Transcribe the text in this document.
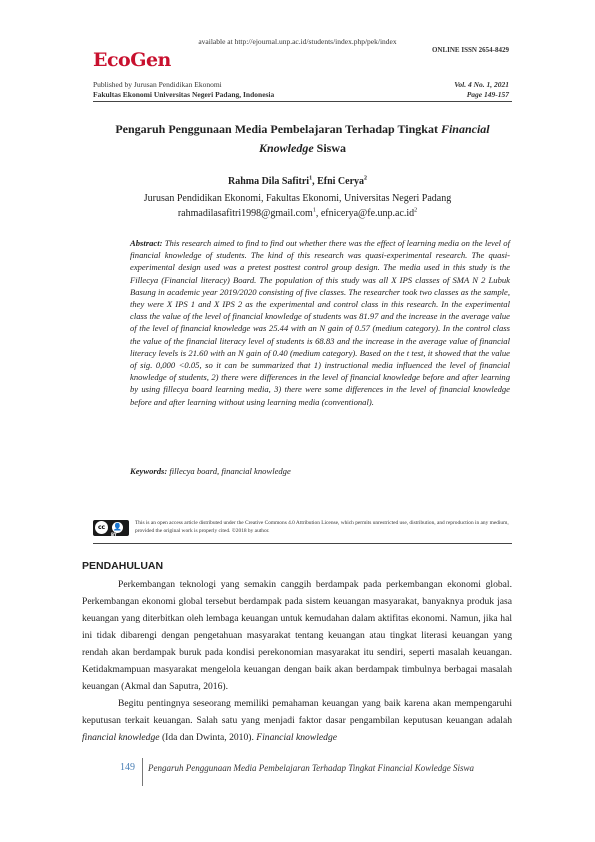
available at http://ejournal.unp.ac.id/students/index.php/pek/index
EcoGen	ONLINE ISSN 2654-8429
Published by Jurusan Pendidikan Ekonomi
Fakultas Ekonomi Universitas Negeri Padang, Indonesia
Vol. 4 No. 1, 2021
Page 149-157
Pengaruh Penggunaan Media Pembelajaran Terhadap Tingkat Financial
Knowledge Siswa
Rahma Dila Safitri$^1$, Efni Cerya$^2$
Jurusan Pendidikan Ekonomi, Fakultas Ekonomi, Universitas Negeri Padang
rahmadilasafitri1998@gmail.com$^1$, $efnicerya@fe.unp.ac.id^2$
Abstract: This research aimed to find to find out whether there was the effect of learning media on the level of financial knowledge of students. The kind of this research was quasi-experimental research. The quasi-experimental design used was a pretest posttest control group design. The media used in this study is the Fillecya (Financial literacy) Board. The population of this study was all X IPS classes of SMA N 2 Lubuk Basung in academic year 2019/2020 consisting of five classes. The researcher took two classes as the sample, they were X IPS 1 and X IPS 2 as the experimental and control class in this research. In the experimental class the value of the level of financial knowledge of students was 81.97 and the increase in the average value of the level of financial knowledge was 25.44 with an N gain of 0.57 (medium category). In the control class the value of the financial literacy level of students is 68.83 and the increase in the average value of financial literacy levels is 21.60 with an N gain of 0.40 (medium category). Based on the t test, it showed that the value of sig. 0,000 <0.05, so it can be summarized that 1) instructional media influenced the level of financial knowledge of students, 2) there were differences in the level of financial knowledge before and after learning by using fillecya board learning media, 3) there were some differences in the level of financial knowledge before and after learning without using learning media (conventional).
Keywords: fillecya board, financial knowledge
cc	👤
BY
This is an open access article distributed under the Creative Commons 4.0 Attribution License, which permits unrestricted use, distribution, and reproduction in any medium, provided the original work is properly cited. ©2018 by author.
PENDAHULUAN

Perkembangan teknologi yang semakin canggih berdampak pada perkembangan ekonomi global. Perkembangan ekonomi global tersebut berdampak pada sistem keuangan masyarakat, banyaknya produk jasa keuangan yang diterbitkan oleh lembaga keuangan untuk kemudahan dalam aktifitas ekonomi. Namun, jika hal ini tidak dibarengi dengan pengetahuan masyarakat tentang keuangan atau tingkat literasi keuangan yang rendah akan berdampak buruk pada kondisi perekonomian masyarakat itu sendiri, seperti masalah keuangan. Ketidakmampuan masyarakat mengelola keuangan dengan baik akan berdampak timbulnya berbagai masalah keuangan (Akmal dan Saputra, 2016).

Begitu pentingnya seseorang memiliki pemahaman keuangan yang baik karena akan mempengaruhi keputusan terkait keuangan. Salah satu yang menjadi faktor dasar pengambilan keputusan keuangan adalah financial knowledge (Ida dan Dwinta, 2010). Financial knowledge

149 Pengaruh Penggunaan Media Pembelajaran Terhadap Tingkat Financial Kowledge Siswa
